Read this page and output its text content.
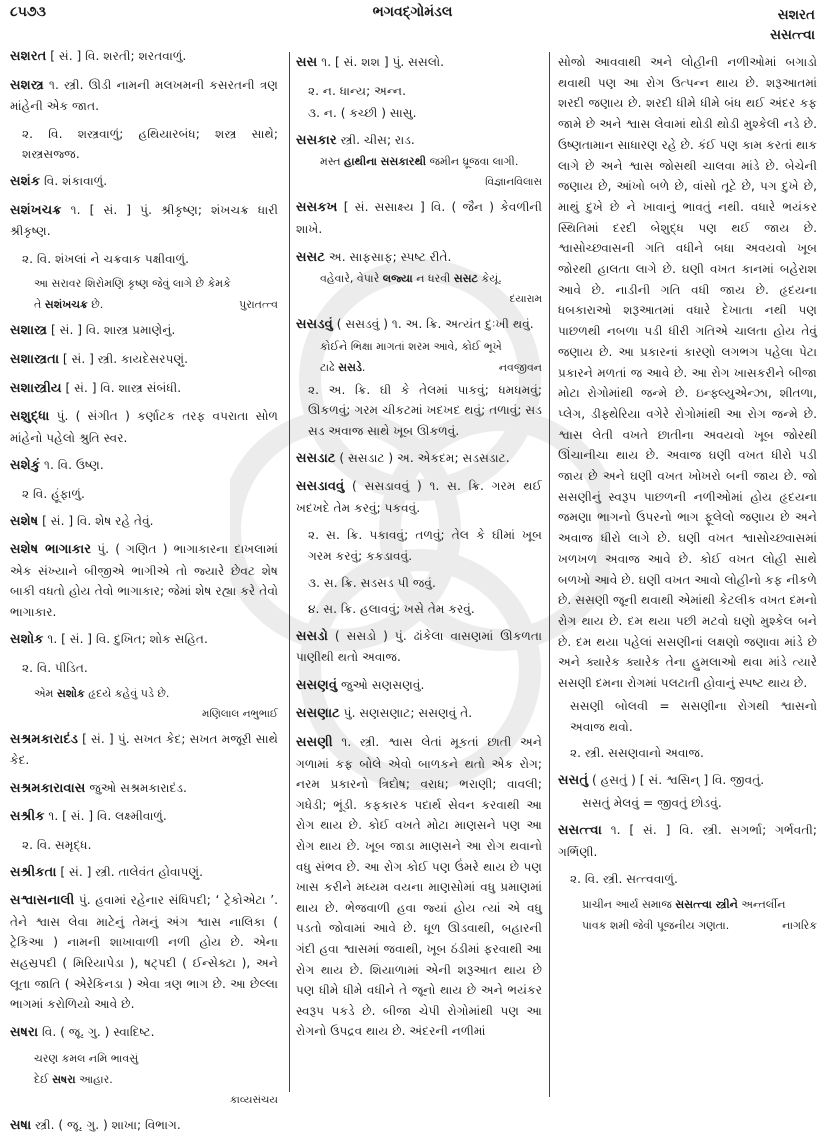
૮૫૭૩	ભગવદ્ગોમંડલ	સશરત
સસત્ત્વા

સશરત [ સં. ] વિ. શરતી; શરતવાળું.

સશસ્ત્ર ૧. સ્ત્રી. ઊડી નામની મલખમની કસરતની ત્રણ માંહેની એક જાત.

૨. વિ. શસ્ત્રવાળું; હથિયારબંધ; શસ્ત્ર સાથે; શસ્ત્રસજ્જ.

સશંક વિ. શંકાવાળું.

સશંખચક્ર ૧. [ સં. ] પું. શ્રીકૃષ્ણ; શંખચક્ર ધારી શ્રીકૃષ્ણ.

૨. વિ. શંખલાં ને ચક્રવાક પક્ષીવાળું.

આ સરાવર શિરોમણિ કૃષ્ણ જેવું લાગે છે કેમકે

તે સશંખચક્ર છે.	પુરાતત્ત્વ

સશાસ્ત્ર [ સં. ] વિ. શાસ્ત્ર પ્રમાણેનું.

સશાસ્ત્રતા [ સં. ] સ્ત્રી. કાયદેસરપણું.

સશાસ્ત્રીય [ સં. ] વિ. શાસ્ત્ર સંબંધી.

સશુદ્ધા પું. ( સંગીત ) કર્ણાટક તરફ વપરાતા સોળ માંહેનો પહેલો શ્રુતિ સ્વર.

સશેકું ૧. વિ. ઉષ્ણ.

૨ વિ. હૂંફાળું.

સશેષ [ સં. ] વિ. શેષ રહે તેવું.

સશેષ ભાગાકાર પું. ( ગણિત ) ભાગાકારના દાખલામાં એક સંખ્યાને બીજીએ ભાગીએ તો જ્યારે છેવટ શેષ બાકી વધતો હોય તેવો ભાગાકાર; જેમાં શેષ રહ્યા કરે તેવો ભાગાકાર.

સશોક ૧. [ સં. ] વિ. દુખિત; શોક સહિત.

૨. વિ. પીડિત.

એમ સશોક હૃદયે કહેવું પડે છે.

મણિલાલ નભુભાઈ

સશ્રમકારાદંડ [ સં. ] પું. સખત કેદ; સખત મજૂરી સાથે કેદ.

સશ્રમકારાવાસ જુઓ સશ્રમકારાદંડ.

સશ્રીક ૧. [ સં. ] વિ. લક્ષ્મીવાળું.

૨. વિ. સમૃદ્ધ.

સશ્રીકતા [ સં. ] સ્ત્રી. તાલેવંત હોવાપણું.

સશ્વાસનાલી પું. હવામાં રહેનાર સંધિપદી; ‘ ટ્રેકોએટા ’. તેને શ્વાસ લેવા માટેનું તેમનું અંગ શ્વાસ નાલિકા ( ટ્રેકિઆ ) નામની શાખાવાળી નળી હોય છે. એના સહસ્રપદી ( મિરિયાપેડા ), ષટ્પદી ( ઈન્સેક્ટા ), અને લૂતા જાતિ ( એરેકિનડા ) એવા ત્રણ ભાગ છે. આ છેલ્લા ભાગમાં કરોળિયો આવે છે.

સષરા વિ. ( જૂ. ગુ. ) સ્વાદિષ્ટ.

ચરણ કમલ નમિ ભાવસું

દેઈ સષરા આહાર.

કાવ્યસંચય

સષા સ્ત્રી. ( જૂ. ગુ. ) શાખા; વિભાગ.

સસ ૧. [ સં. શશ ] પું. સસલો.

૨. ન. ધાન્ય; અન્ન.

૩. ન. ( કચ્છી ) સાસુ.

સસકાર સ્ત્રી. ચીસ; રાડ.

મસ્ત હાથીના સસકારથી જમીન ધ્રૂજવા લાગી.

વિજ્ઞાનવિલાસ

સસકખ [ સં. સસાક્ષ્ય ] વિ. ( જૈન ) કેવળીની શાખે.

સસટ અ. સાફસાફ; સ્પષ્ટ રીતે.

વહેવારે, વેપારે લજ્યા ન ધરવી સસટ કેયૂં.

દયારામ

સસડવું ( સસડવું ) ૧. અ. ક્રિ. અત્યંત દુઃખી થવું.

કોઈને ભિક્ષા માગતાં શરમ આવે, કોઈ ભૂખે

ટાઢે સસડે.	નવજીવન

૨. અ. ક્રિ. ઘી કે તેલમાં પાકવું; ધમધમવું; ઊકળવું; ગરમ ચીકટમાં ખદખદ થવું; તળાવું; સડ સડ અવાજ સાથે ખૂબ ઊકળવું.

સસડાટ ( સસડાટ ) અ. એકદમ; સડસડાટ.

સસડાવવું ( સસડાવવું ) ૧. સ. ક્રિ. ગરમ થઈ ખદખદે તેમ કરવું; પકવવું.

૨. સ. ક્રિ. પકાવવું; તળવું; તેલ કે ઘીમાં ખૂબ ગરમ કરવું; કકડાવવું.

૩. સ. ક્રિ. સડસડ પી જવું.

૪. સ. ક્રિ. હલાવવું; ખસે તેમ કરવું.

સસડો ( સસડો ) પું. ઢાંકેલા વાસણમાં ઊકળતા પાણીથી થતો અવાજ.

સસણવું જુઓ સણસણવું.

સસણાટ પું. સણસણાટ; સસણવું તે.

સસણી ૧. સ્ત્રી. શ્વાસ લેતાં મૂકતાં છાતી અને ગળામાં કફ બોલે એવો બાળકને થતો એક રોગ; નરમ પ્રકારનો ત્રિદોષ; વરાધ; ભરાણી; વાવલી; ગધેડી; ભૂંડી. કફકારક પદાર્થ સેવન કરવાથી આ રોગ થાય છે. કોઈ વખતે મોટા માણસને પણ આ રોગ થાય છે. ખૂબ જાડા માણસને આ રોગ થવાનો વધુ સંભવ છે. આ રોગ કોઈ પણ ઉંમરે થાય છે પણ ખાસ કરીને મધ્યમ વયના માણસોમાં વધુ પ્રમાણમાં થાય છે. ભેજવાળી હવા જ્યાં હોય ત્યાં એ વધુ પડતો જોવામાં આવે છે. ધૂળ ઊડવાથી, બહારની ગંદી હવા શ્વાસમાં જવાથી, ખૂબ ઠંડીમાં ફરવાથી આ રોગ થાય છે. શિયાળામાં એની શરૂઆત થાય છે પણ ધીમે ધીમે વધીને તે જૂનો થાય છે અને ભયંકર સ્વરૂપ પકડે છે. બીજા ચેપી રોગોમાંથી પણ આ રોગનો ઉપદ્રવ થાય છે. અંદરની નળીમાં

સોજો આવવાથી અને લોહીની નળીઓમાં બગાડો થવાથી પણ આ રોગ ઉત્પન્ન થાય છે. શરૂઆતમાં શરદી જણાય છે. શરદી ધીમે ધીમે બંધ થઈ અંદર કફ જામે છે અને શ્વાસ લેવામાં થોડી થોડી મુશ્કેલી નડે છે. ઉષ્ણતામાન સાધારણ રહે છે. કંઈ પણ કામ કરતાં થાક લાગે છે અને શ્વાસ જોસથી ચાલવા માંડે છે. બેચેની જણાય છે, આંખો બળે છે, વાંસો તૂટે છે, પગ દુખે છે, માથું દુખે છે ને ખાવાનું ભાવતું નથી. વધારે ભયંકર સ્થિતિમાં દરદી બેશુદ્ધ પણ થઈ જાય છે. શ્વાસોચ્છ્વાસની ગતિ વધીને બધા અવયવો ખૂબ જોરથી હાલતા લાગે છે. ઘણી વખત કાનમાં બહેરાશ આવે છે. નાડીની ગતિ વધી જાય છે. હૃદયના ધબકારાઓ શરૂઆતમાં વધારે દેખાતા નથી પણ પાછળથી નબળા પડી ધીરી ગતિએ ચાલતા હોય તેવું જણાય છે. આ પ્રકારનાં કારણો લગભગ પહેલા પેટા પ્રકારને મળતાં જ આવે છે. આ રોગ ખાસકરીને બીજા મોટા રોગોમાંથી જન્મે છે. ઇન્ફ્લ્યુએન્ઝા, શીતળા, પ્લેગ, ડીફ્થેરિયા વગેરે રોગોમાંથી આ રોગ જન્મે છે. શ્વાસ લેતી વખતે છાતીના અવયવો ખૂબ જોરથી ઊંચાનીચા થાય છે. અવાજ ઘણી વખત ધીરો પડી જાય છે અને ઘણી વખત ખોખરો બની જાય છે. જો સસણીનું સ્વરૂપ પાછળની નળીઓમાં હોય હૃદયના જમણા ભાગનો ઉપરનો ભાગ ફૂલેલો જણાય છે અને અવાજ ધીરો લાગે છે. ઘણી વખત શ્વાસોચ્છ્વાસમાં ખળખળ અવાજ આવે છે. કોઈ વખત લોહી સાથે બળખો આવે છે. ઘણી વખત આવો લોહીનો કફ નીકળે છે. સસણી જૂની થવાથી એમાંથી કેટલીક વખત દમનો રોગ થાય છે. દમ થયા પછી મટવો ઘણો મુશ્કેલ બને છે. દમ થયા પહેલાં સસણીનાં લક્ષણો જણાવા માંડે છે અને ક્યારેક ક્યારેક તેના હુમલાઓ થવા માંડે ત્યારે સસણી દમના રોગમાં પલટાતી હોવાનું સ્પષ્ટ થાય છે.

સસણી બોલવી = સસણીના રોગથી શ્વાસનો અવાજ થવો.

૨. સ્ત્રી. સસણવાનો અવાજ.

સસતું ( હસતું ) [ સં. શ્વસિન્ ] વિ. જીવતું.

સસતું મેલવું = જીવતું છોડવું.

સસત્ત્વા ૧. [ સં. ] વિ. સ્ત્રી. સગર્ભા; ગર્ભવતી; ગર્ભિણી.

૨. વિ. સ્ત્રી. સત્ત્વવાળું.

પ્રાચીન આર્ય સમાજ સસત્ત્વા સ્ત્રીને અન્તર્લીન

પાવક શમી જેવી પૂજનીય ગણતા.	નાગરિક
